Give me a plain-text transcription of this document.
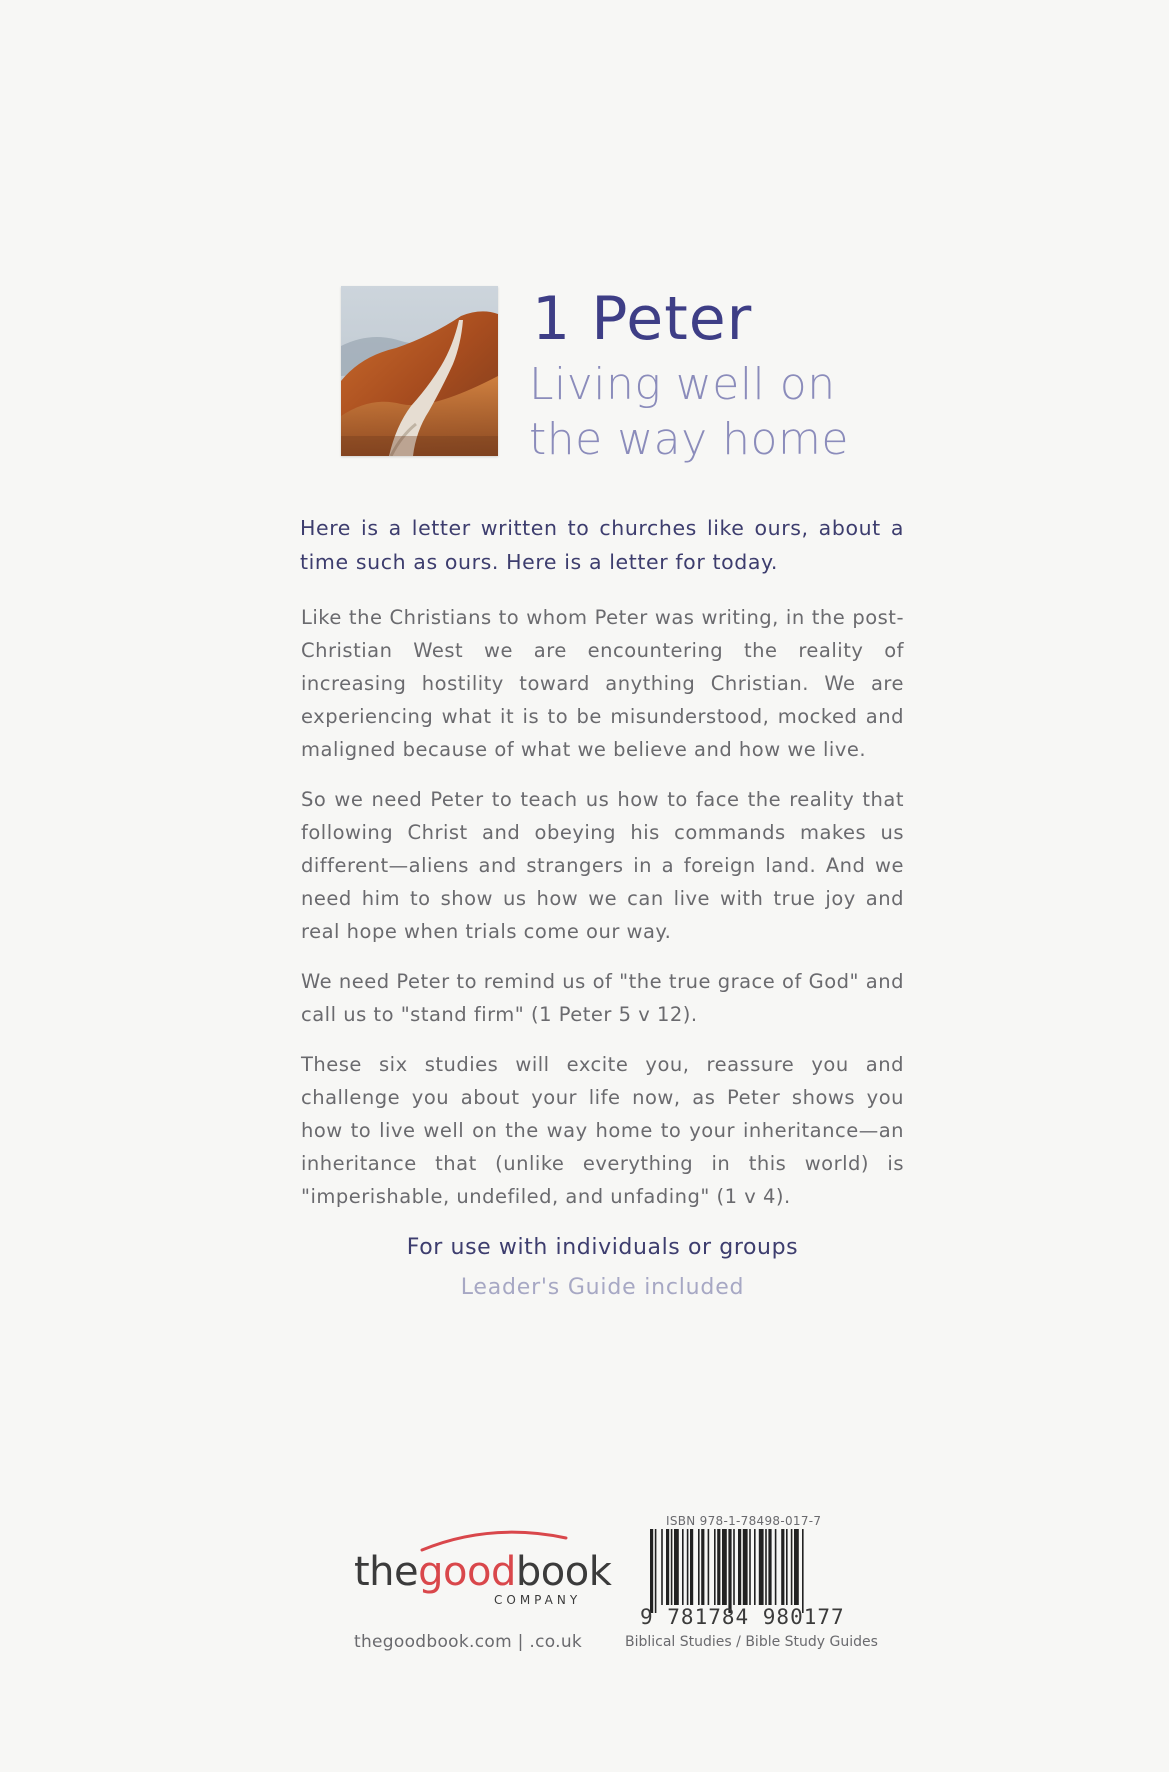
1 Peter
Living well on the way home
Here is a letter written to churches like ours, about a time such as ours. Here is a letter for today.

Like the Christians to whom Peter was writing, in the post-Christian West we are encountering the reality of increasing hostility toward anything Christian. We are experiencing what it is to be misunderstood, mocked and maligned because of what we believe and how we live.

So we need Peter to teach us how to face the reality that following Christ and obeying his commands makes us different—aliens and strangers in a foreign land. And we need him to show us how we can live with true joy and real hope when trials come our way.

We need Peter to remind us of "the true grace of God" and call us to "stand firm" (1 Peter 5 v 12).

These six studies will excite you, reassure you and challenge you about your life now, as Peter shows you how to live well on the way home to your inheritance—an inheritance that (unlike everything in this world) is "imperishable, undefiled, and unfading" (1 v 4).

For use with individuals or groups
Leader's Guide included
thegoodbook
COMPANY
thegoodbook.com | .co.uk
ISBN 978-1-78498-017-7
9 781784 980177
Biblical Studies / Bible Study Guides
